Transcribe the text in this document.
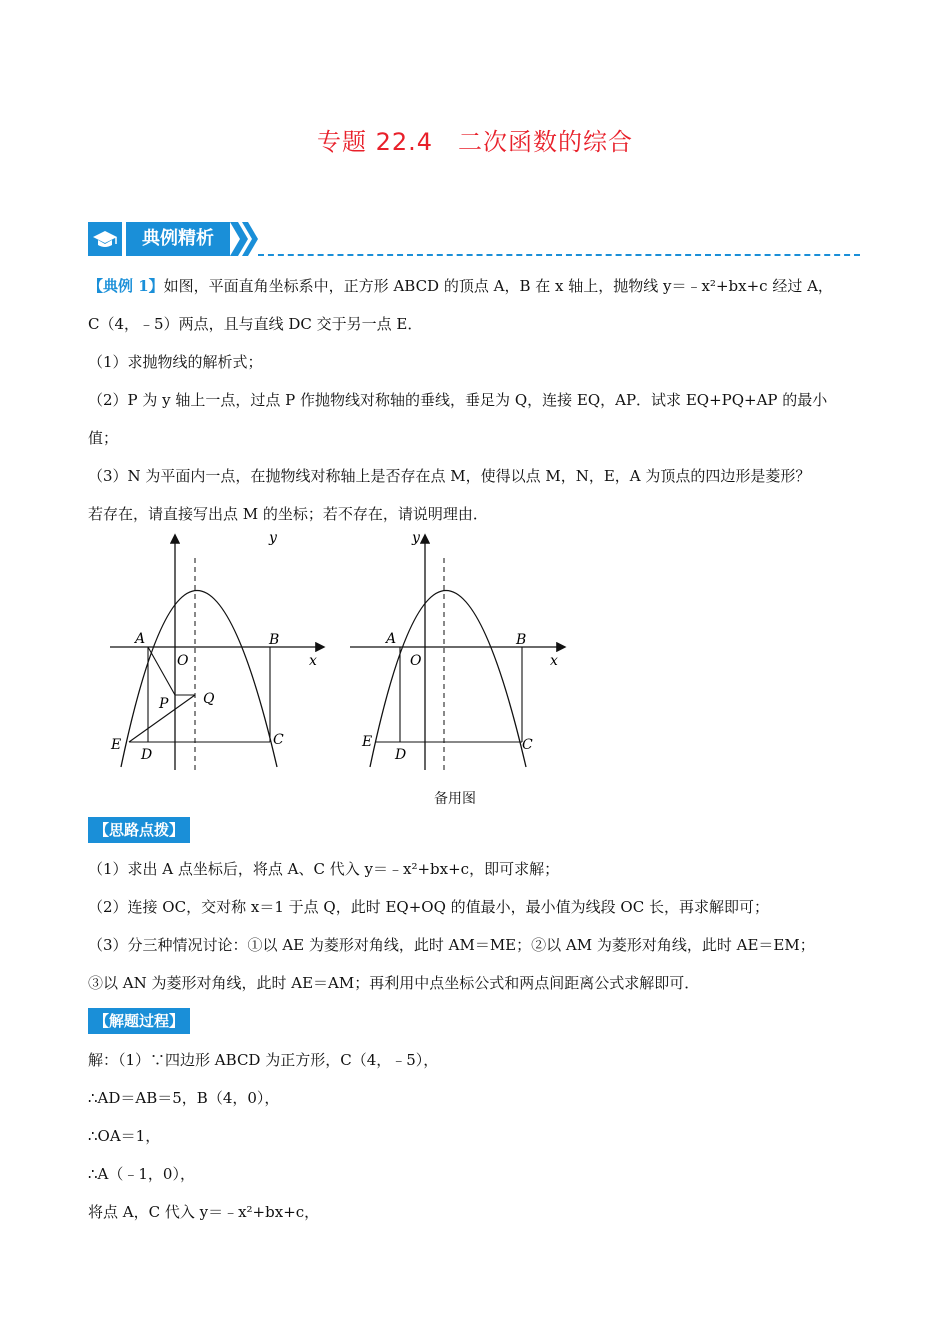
专题 22.4　二次函数的综合
典例精析
【典例 1】如图，平面直角坐标系中，正方形 ABCD 的顶点 A，B 在 x 轴上，抛物线 y＝﹣x²+bx+c 经过 A，
C（4，﹣5）两点，且与直线 DC 交于另一点 E．
（1）求抛物线的解析式；
（2）P 为 y 轴上一点，过点 P 作抛物线对称轴的垂线，垂足为 Q，连接 EQ，AP．试求 EQ+PQ+AP 的最小
值；
（3）N 为平面内一点，在抛物线对称轴上是否存在点 M，使得以点 M，N，E，A 为顶点的四边形是菱形？
若存在，请直接写出点 M 的坐标；若不存在，请说明理由．
y
x
A
O
B
Q
P
E
D
C
y
x
A
O
B
E
D
C
备用图
【思路点拨】
（1）求出 A 点坐标后，将点 A、C 代入 y＝﹣x²+bx+c，即可求解；
（2）连接 OC，交对称 x＝1 于点 Q，此时 EQ+OQ 的值最小，最小值为线段 OC 长，再求解即可；
（3）分三种情况讨论：①以 AE 为菱形对角线，此时 AM＝ME；②以 AM 为菱形对角线，此时 AE＝EM；
③以 AN 为菱形对角线，此时 AE＝AM；再利用中点坐标公式和两点间距离公式求解即可．
【解题过程】
解：（1）∵四边形 ABCD 为正方形，C（4，﹣5），
∴AD＝AB＝5，B（4，0），
∴OA＝1，
∴A（﹣1，0），
将点 A，C 代入 y＝﹣x²+bx+c，
